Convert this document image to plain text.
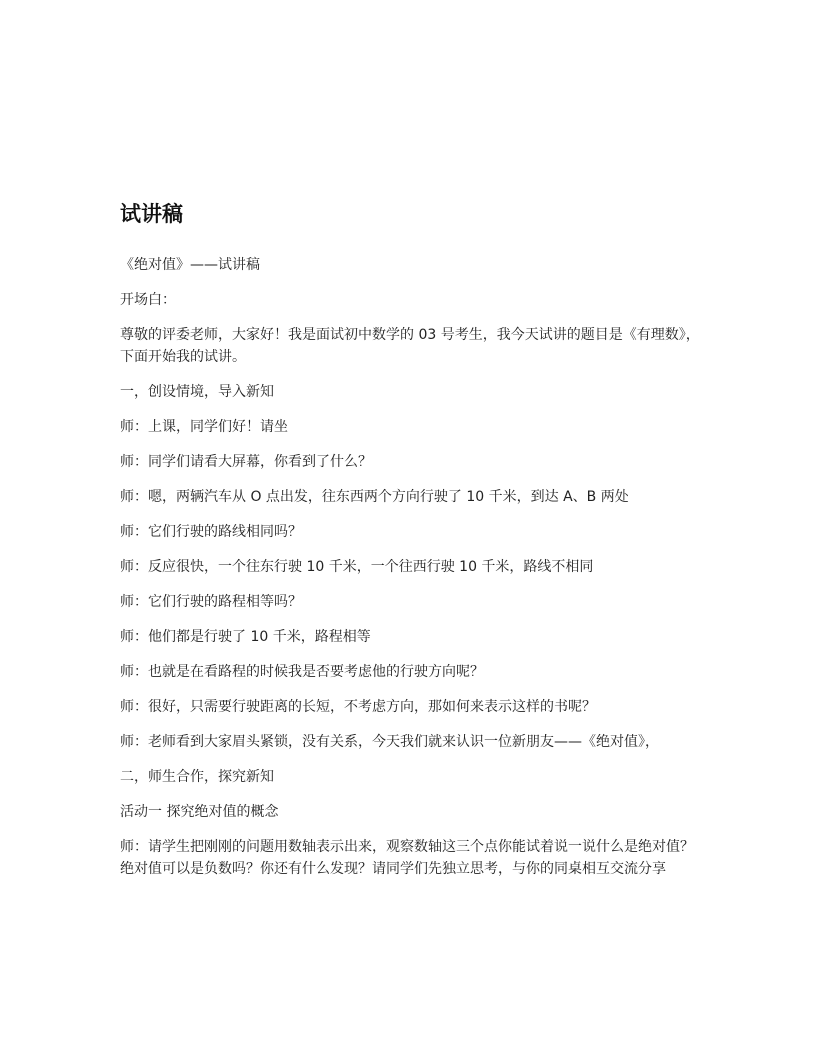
试讲稿

《绝对值》——试讲稿

开场白：

尊敬的评委老师，大家好！我是面试初中数学的 03 号考生，我今天试讲的题目是《有理数》，下面开始我的试讲。

一，创设情境，导入新知

师：上课，同学们好！请坐

师：同学们请看大屏幕，你看到了什么？

师：嗯，两辆汽车从 O 点出发，往东西两个方向行驶了 10 千米，到达 A、B 两处

师：它们行驶的路线相同吗？

师：反应很快，一个往东行驶 10 千米，一个往西行驶 10 千米，路线不相同

师：它们行驶的路程相等吗？

师：他们都是行驶了 10 千米，路程相等

师：也就是在看路程的时候我是否要考虑他的行驶方向呢？

师：很好，只需要行驶距离的长短，不考虑方向，那如何来表示这样的书呢？

师：老师看到大家眉头紧锁，没有关系，今天我们就来认识一位新朋友——《绝对值》，

二，师生合作，探究新知

活动一 探究绝对值的概念

师：请学生把刚刚的问题用数轴表示出来，观察数轴这三个点你能试着说一说什么是绝对值？绝对值可以是负数吗？你还有什么发现？请同学们先独立思考，与你的同桌相互交流分享
